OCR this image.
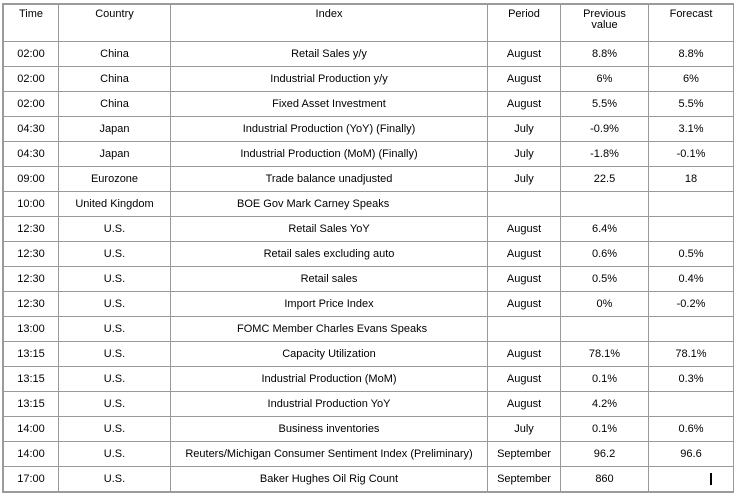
Time	Country	Index	Period	Previous value	Forecast
02:00	China	Retail Sales y/y	August	8.8%	8.8%
02:00	China	Industrial Production y/y	August	6%	6%
02:00	China	Fixed Asset Investment	August	5.5%	5.5%
04:30	Japan	Industrial Production (YoY) (Finally)	July	-0.9%	3.1%
04:30	Japan	Industrial Production (MoM) (Finally)	July	-1.8%	-0.1%
09:00	Eurozone	Trade balance unadjusted	July	22.5	18
10:00	United Kingdom	BOE Gov Mark Carney Speaks			
12:30	U.S.	Retail Sales YoY	August	6.4%	
12:30	U.S.	Retail sales excluding auto	August	0.6%	0.5%
12:30	U.S.	Retail sales	August	0.5%	0.4%
12:30	U.S.	Import Price Index	August	0%	-0.2%
13:00	U.S.	FOMC Member Charles Evans Speaks			
13:15	U.S.	Capacity Utilization	August	78.1%	78.1%
13:15	U.S.	Industrial Production (MoM)	August	0.1%	0.3%
13:15	U.S.	Industrial Production YoY	August	4.2%	
14:00	U.S.	Business inventories	July	0.1%	0.6%
14:00	U.S.	Reuters/Michigan Consumer Sentiment Index (Preliminary)	September	96.2	96.6
17:00	U.S.	Baker Hughes Oil Rig Count	September	860	
